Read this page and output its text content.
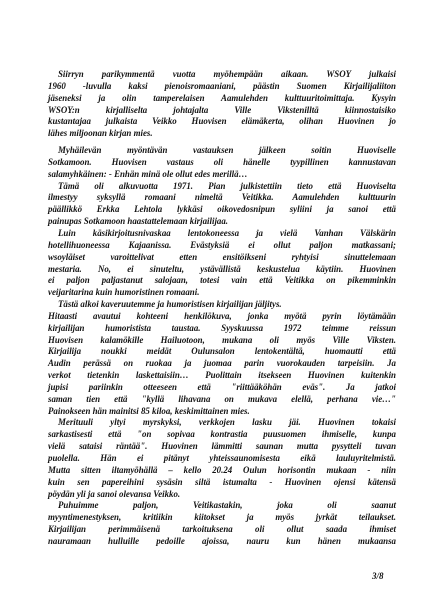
Siirryn parikymmentä vuotta myöhempään aikaan. WSOY julkaisi
1960 -luvulla kaksi pienoisromaaniani, päästin Suomen Kirjailijaliiton
jäseneksi ja olin tamperelaisen Aamulehden kulttuuritoimittaja. Kysyin
WSOY:n kirjalliselta johtajalta Ville Vikstenilltä kiinnostaisiko
kustantajaa julkaista Veikko Huovisen elämäkerta, olihan Huovinen jo
lähes miljoonan kirjan mies.
Myhäilevän myöntävän vastauksen jälkeen soitin Huoviselle
Sotkamoon. Huovisen vastaus oli hänelle tyypillinen kannustavan
salamyhkäinen: - Enhän minä ole ollut edes merillä…
Tämä oli alkuvuotta 1971. Pian julkistettiin tieto että Huoviselta
ilmestyy syksyllä romaani nimeltä Veitikka. Aamulehden kulttuurin
päällikkö Erkka Lehtola lykkäsi oikovedosnipun syliini ja sanoi että
painupas Sotkamoon haastattelemaan kirjailijaa.
Luin käsikirjoitusnivaskaa lentokoneessa ja vielä Vanhan Välskärin
hotellihuoneessa Kajaanissa. Evästyksiä ei ollut paljon matkassani;
wsoyläiset varoittelivat etten ensitöikseni ryhtyisi sinuttelemaan
mestaria. No, ei sinuteltu, ystävällistä keskustelua käytiin. Huovinen
ei paljon paljastanut salojaan, totesi vain että Veitikka on pikemminkin
veijaritarina kuin humoristinen romaani.
Tästä alkoi kaveruutemme ja humoristisen kirjailijan jäljitys.
Hitaasti avautui kohteeni henkilökuva, jonka myötä pyrin löytämään
kirjailijan humoristista taustaa. Syyskuussa 1972 teimme reissun
Huovisen kalamökille Hailuotoon, mukana oli myös Ville Viksten.
Kirjailija noukki meidät Oulunsalon lentokentältä, huomautti että
Audin perässä on ruokaa ja juomaa parin vuorokauden tarpeisiin. Ja
verkot tietenkin laskettaisiin… Puolittain itsekseen Huovinen kuitenkin
jupisi pariinkin otteeseen että "riittääköhän eväs". Ja jatkoi
saman tien että "kyllä lihavana on mukava elellä, perhana vie…"
Painokseen hän mainitsi 85 kiloa, keskimittainen mies.
Merituuli yltyi myrskyksi, verkkojen lasku jäi. Huovinen tokaisi
sarkastisesti että "on sopivaa kontrastia puusuomen ihmiselle, kunpa
vielä sataisi räntää". Huovinen lämmitti saunan mutta pysytteli tuvan
puolella. Hän ei pitänyt yhteissaunomisesta eikä lauluyritelmistä.
Mutta sitten iltamyöhällä – kello 20.24 Oulun horisontin mukaan - niin
kuin sen papereihini sysäsin siltä istumalta - Huovinen ojensi kätensä
pöydän yli ja sanoi olevansa Veikko.
Puhuimme paljon, Veitikastakin, joka oli saanut
myyntimenestyksen, kritiikin kiitokset ja myös jyrkät teilaukset.
Kirjailijan perimmäisenä tarkoituksena oli ollut saada ihmiset
nauramaan hulluille pedoille ajoissa, nauru kun hänen mukaansa
3/8
